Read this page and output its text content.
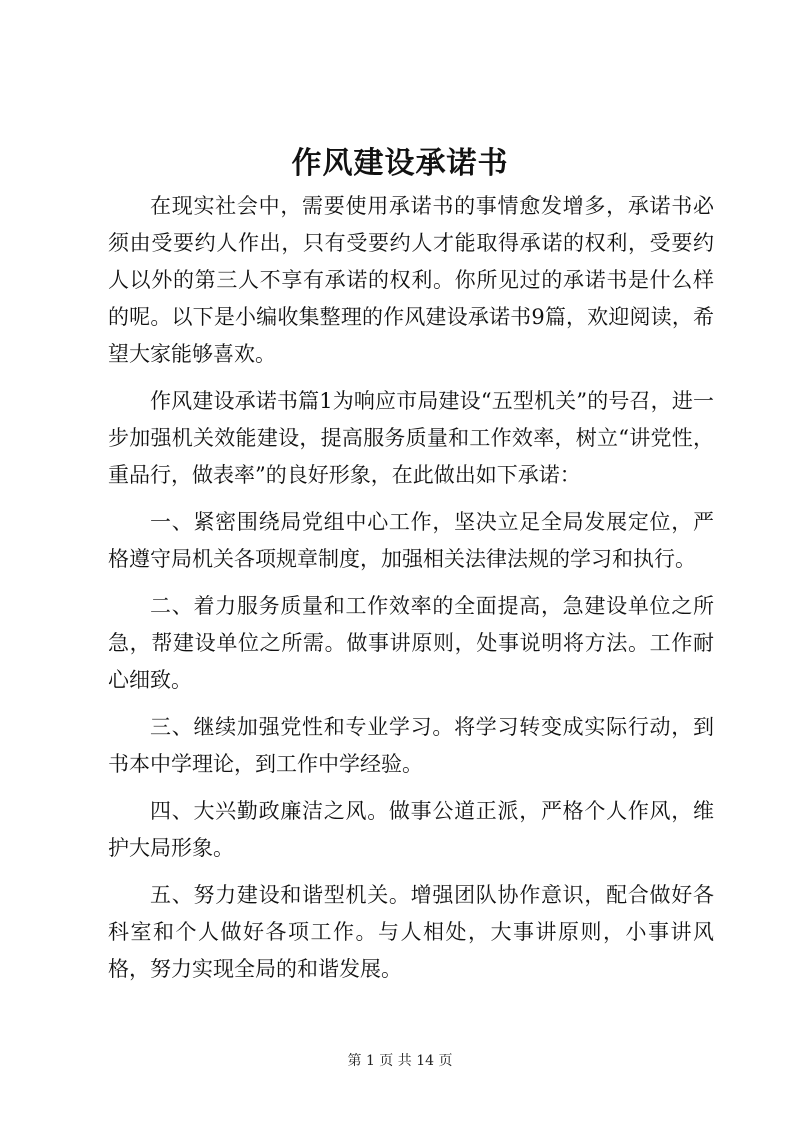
作风建设承诺书

在现实社会中，需要使用承诺书的事情愈发增多，承诺书必须由受要约人作出，只有受要约人才能取得承诺的权利，受要约人以外的第三人不享有承诺的权利。你所见过的承诺书是什么样的呢。以下是小编收集整理的作风建设承诺书9篇，欢迎阅读，希望大家能够喜欢。

作风建设承诺书篇1为响应市局建设“五型机关”的号召，进一步加强机关效能建设，提高服务质量和工作效率，树立“讲党性，重品行，做表率”的良好形象，在此做出如下承诺：

一、紧密围绕局党组中心工作，坚决立足全局发展定位，严格遵守局机关各项规章制度，加强相关法律法规的学习和执行。

二、着力服务质量和工作效率的全面提高，急建设单位之所急，帮建设单位之所需。做事讲原则，处事说明将方法。工作耐心细致。

三、继续加强党性和专业学习。将学习转变成实际行动，到书本中学理论，到工作中学经验。

四、大兴勤政廉洁之风。做事公道正派，严格个人作风，维护大局形象。

五、努力建设和谐型机关。增强团队协作意识，配合做好各科室和个人做好各项工作。与人相处，大事讲原则，小事讲风格，努力实现全局的和谐发展。

第 1 页 共 14 页
